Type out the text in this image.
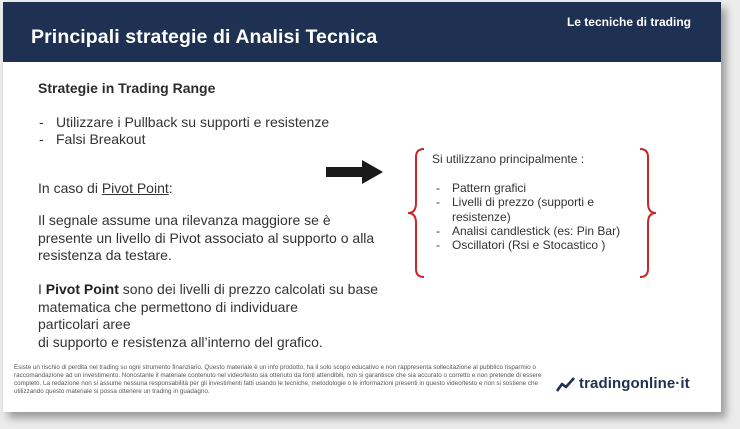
Principali strategie di Analisi Tecnica
Le tecniche di trading
Strategie in Trading Range
- Utilizzare i Pullback su supporti e resistenze
- Falsi Breakout
In caso di Pivot Point:
Il segnale assume una rilevanza maggiore se è presente un livello di Pivot associato al supporto o alla resistenza da testare.
I Pivot Point sono dei livelli di prezzo calcolati su base matematica che permettono di individuare
particolari aree
di supporto e resistenza all’interno del grafico.
Si utilizzano principalmente :
- Pattern grafici
- Livelli di prezzo (supporti e resistenze)
- Analisi candlestick (es: Pin Bar)
- Oscillatori (Rsi e Stocastico )
Esiste un rischio di perdita nel trading su ogni strumento finanziario. Questo materiale è un info prodotto, ha il solo scopo educativo e non rappresenta sollecitazione al pubblico risparmio o raccomandazione ad un investimento. Nonostante il materiale contenuto nel video/testo sia ottenuto da fonti attendibili, non si garantisce che sia accurato o corretto e non pretende di essere completo. La redazione non si assume nessuna responsabilità per gli investimenti fatti usando le tecniche, metodologie o le informazioni presenti in questo video/testo e non si sostiene che utilizzando questo materiale si possa ottenere un trading in guadagno.	tradingonline·it
